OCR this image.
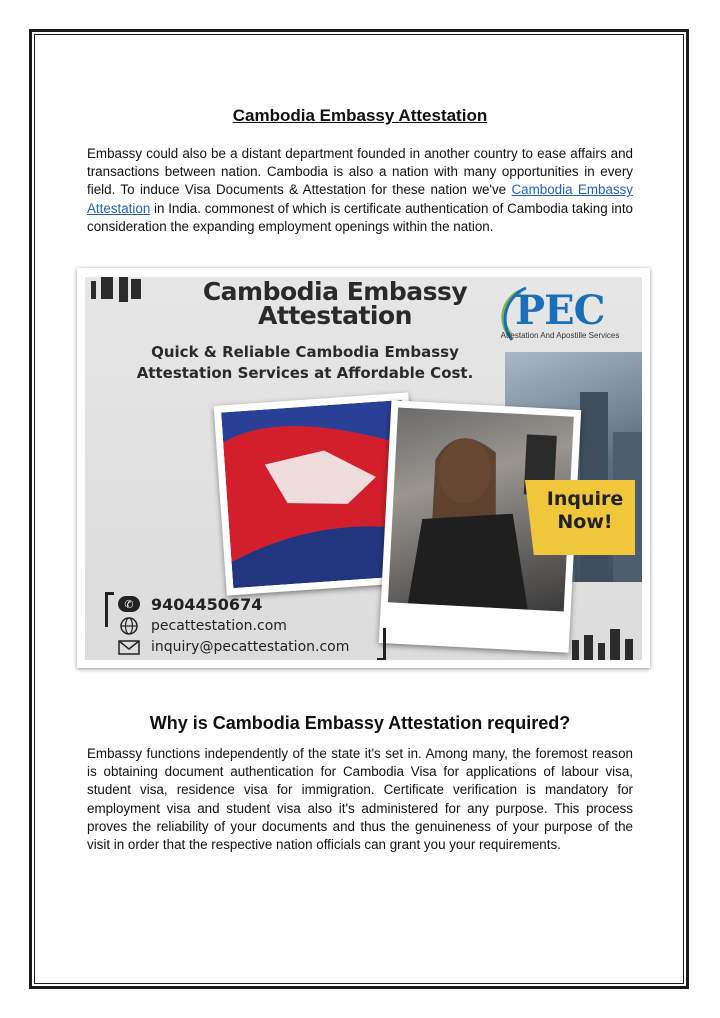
Cambodia Embassy Attestation
Embassy could also be a distant department founded in another country to ease affairs and transactions between nation. Cambodia is also a nation with many opportunities in every field. To induce Visa Documents & Attestation for these nation we've Cambodia Embassy Attestation in India. commonest of which is certificate authentication of Cambodia taking into consideration the expanding employment openings within the nation.
Cambodia Embassy Attestation	PEC
Attestation And Apostille Services
Quick & Reliable Cambodia Embassy Attestation Services at Affordable Cost.
Inquire Now!
✆ 9404450674
pecattestation.com
inquiry@pecattestation.com
Why is Cambodia Embassy Attestation required?
Embassy functions independently of the state it's set in. Among many, the foremost reason is obtaining document authentication for Cambodia Visa for applications of labour visa, student visa, residence visa for immigration. Certificate verification is mandatory for employment visa and student visa also it's administered for any purpose. This process proves the reliability of your documents and thus the genuineness of your purpose of the visit in order that the respective nation officials can grant you your requirements.
